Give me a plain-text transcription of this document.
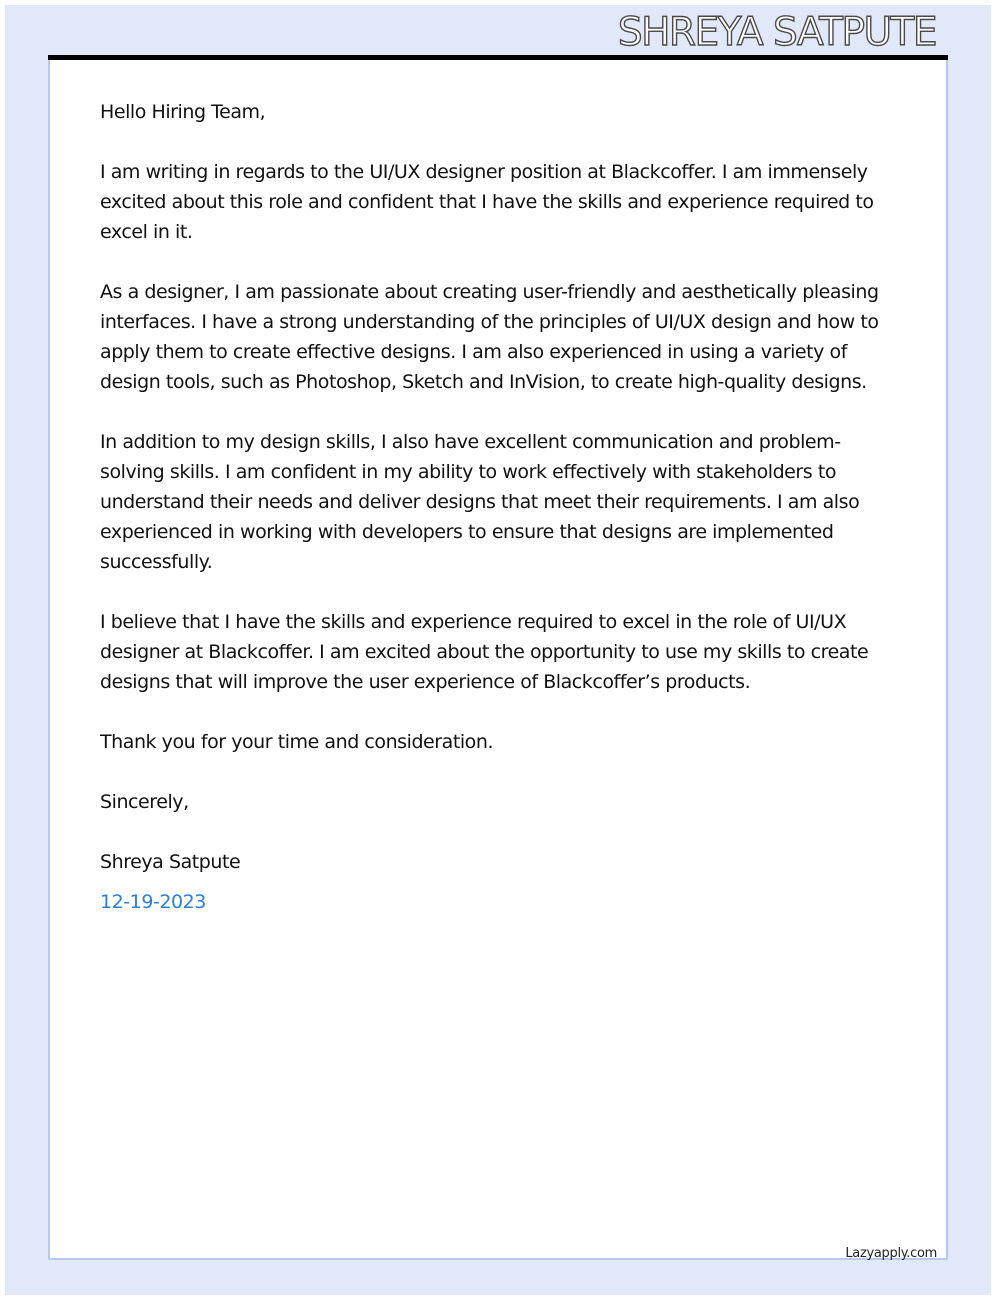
SHREYA SATPUTE

Hello Hiring Team,

I am writing in regards to the UI/UX designer position at Blackcoffer. I am immensely excited about this role and confident that I have the skills and experience required to excel in it.

As a designer, I am passionate about creating user-friendly and aesthetically pleasing interfaces. I have a strong understanding of the principles of UI/UX design and how to apply them to create effective designs. I am also experienced in using a variety of design tools, such as Photoshop, Sketch and InVision, to create high-quality designs.

In addition to my design skills, I also have excellent communication and problem-solving skills. I am confident in my ability to work effectively with stakeholders to understand their needs and deliver designs that meet their requirements. I am also experienced in working with developers to ensure that designs are implemented successfully.

I believe that I have the skills and experience required to excel in the role of UI/UX designer at Blackcoffer. I am excited about the opportunity to use my skills to create designs that will improve the user experience of Blackcoffer’s products.

Thank you for your time and consideration.

Sincerely,

Shreya Satpute

12-19-2023

Lazyapply.com
